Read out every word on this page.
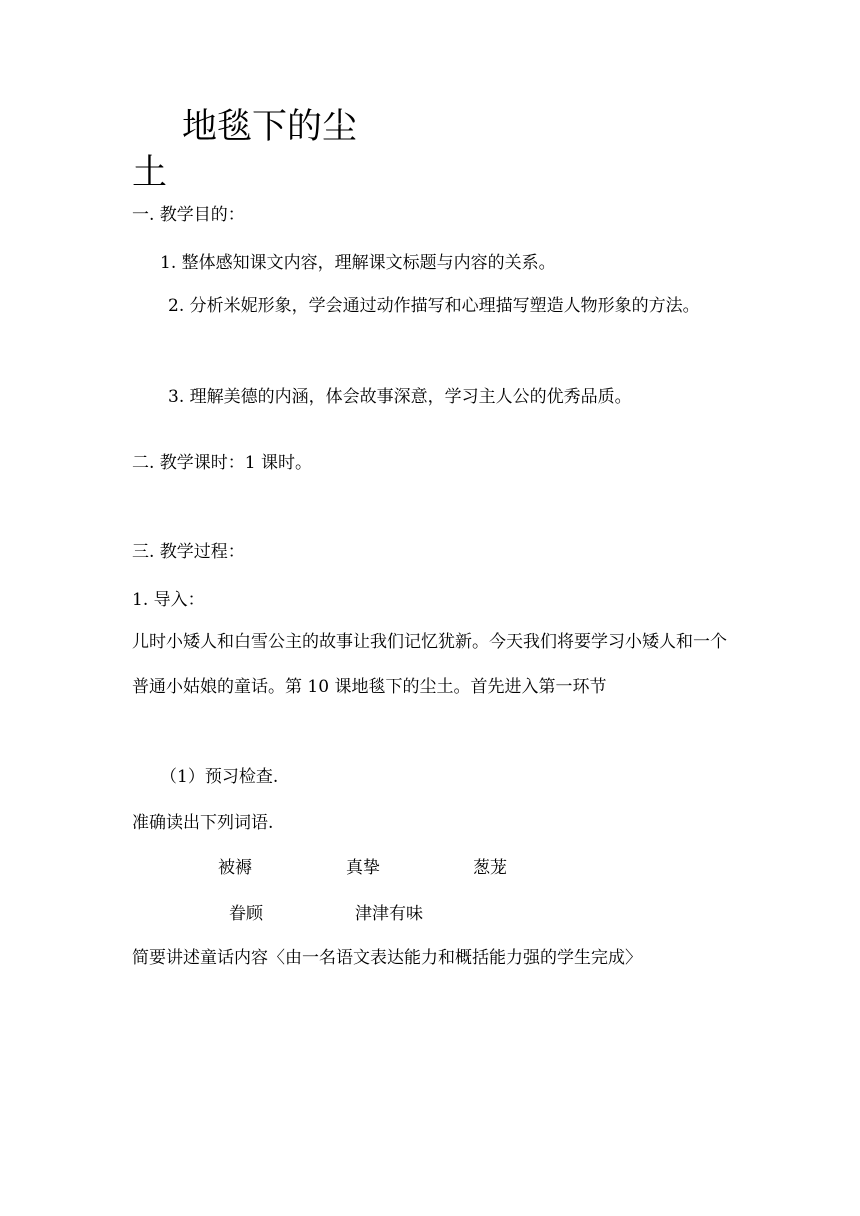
地毯下的尘土
一. 教学目的：
1. 整体感知课文内容，理解课文标题与内容的关系。
2. 分析米妮形象，学会通过动作描写和心理描写塑造人物形象的方法。
3. 理解美德的内涵，体会故事深意，学习主人公的优秀品质。
二. 教学课时：1 课时。
三. 教学过程：
1. 导入：
儿时小矮人和白雪公主的故事让我们记忆犹新。今天我们将要学习小矮人和一个普通小姑娘的童话。第 10 课地毯下的尘土。首先进入第一环节
（1）预习检查.
准确读出下列词语.
被褥	真挚	葱茏
眷顾	津津有味
简要讲述童话内容〈由一名语文表达能力和概括能力强的学生完成〉
